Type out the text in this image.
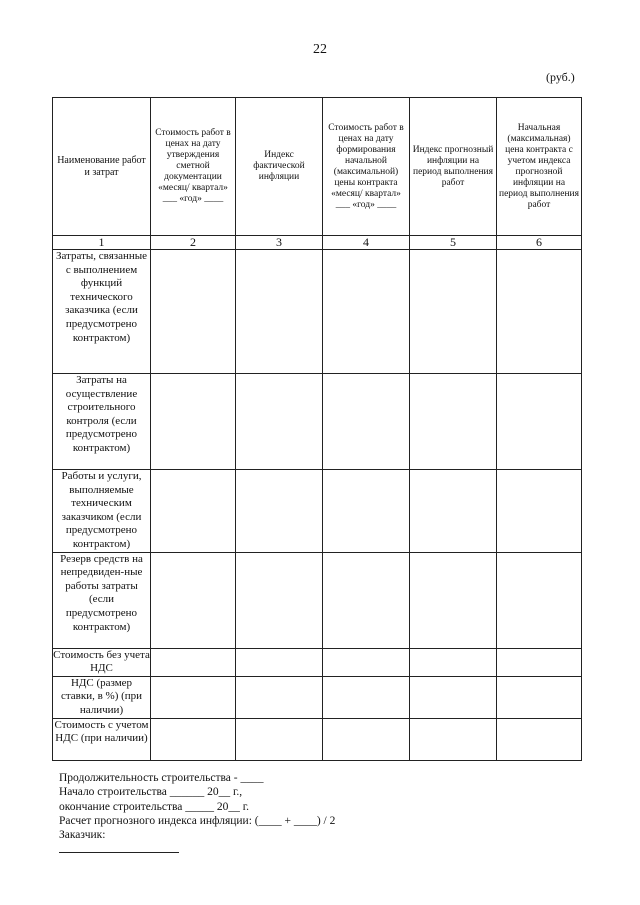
22
(руб.)
Наименование работ и затрат	Стоимость работ в ценах на дату утверждения сметной документации «месяц/ квартал» ___ «год» ____	Индекс фактической инфляции	Стоимость работ в ценах на дату формирования начальной (максимальной) цены контракта «месяц/ квартал» ___ «год» ____	Индекс прогнозный инфляции на период выполнения работ	Начальная (максимальная) цена контракта с учетом индекса прогнозной инфляции на период выполнения работ
1	2	3	4	5	6
Затраты, связанные с выполнением функций технического заказчика (если предусмотрено контрактом)					
Затраты на осуществление строительного контроля (если предусмотрено контрактом)					
Работы и услуги, выполняемые техническим заказчиком (если предусмотрено контрактом)					
Резерв средств на непредвиден-ные работы затраты (если предусмотрено контрактом)					
Стоимость без учета НДС					
НДС (размер ставки, в %) (при наличии)					
Стоимость с учетом НДС (при наличии)					
Продолжительность строительства - ____
Начало строительства ______ 20__ г.,
окончание строительства _____ 20__ г.
Расчет прогнозного индекса инфляции: (____ + ____) / 2
Заказчик:
